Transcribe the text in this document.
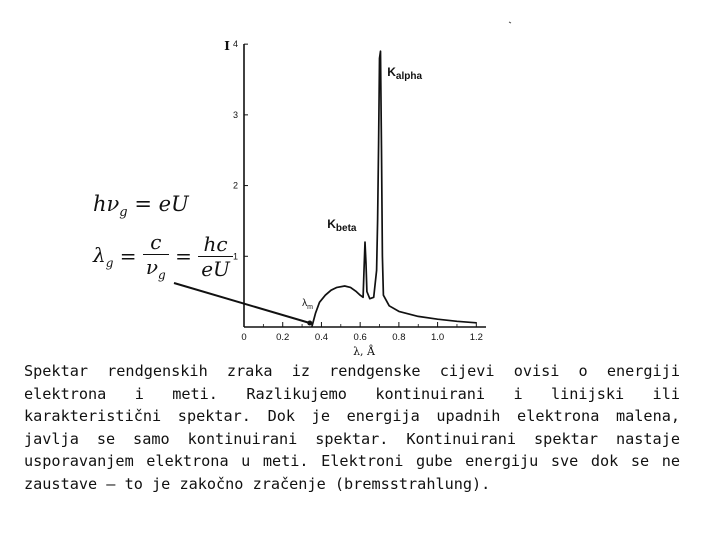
0	0.2	0.4	0.6	0.8	1.0	1.2
1
2
3
4
I
λ, Å
$K_{alpha}$
$K_{beta}$
$\lambda_m$
$h\nu_g$ = eU
$\lambda_g = \frac{c}{\nu_g} = \frac{hc}{eU}$

Spektar rendgenskih zraka iz rendgenske cijevi ovisi o energiji elektrona i meti. Razlikujemo kontinuirani i linijski ili karakteristični spektar. Dok je energija upadnih elektrona malena, javlja se samo kontinuirani spektar. Kontinuirani spektar nastaje usporavanjem elektrona u meti. Elektroni gube energiju sve dok se ne zaustave – to je zakočno zračenje (bremsstrahlung).
